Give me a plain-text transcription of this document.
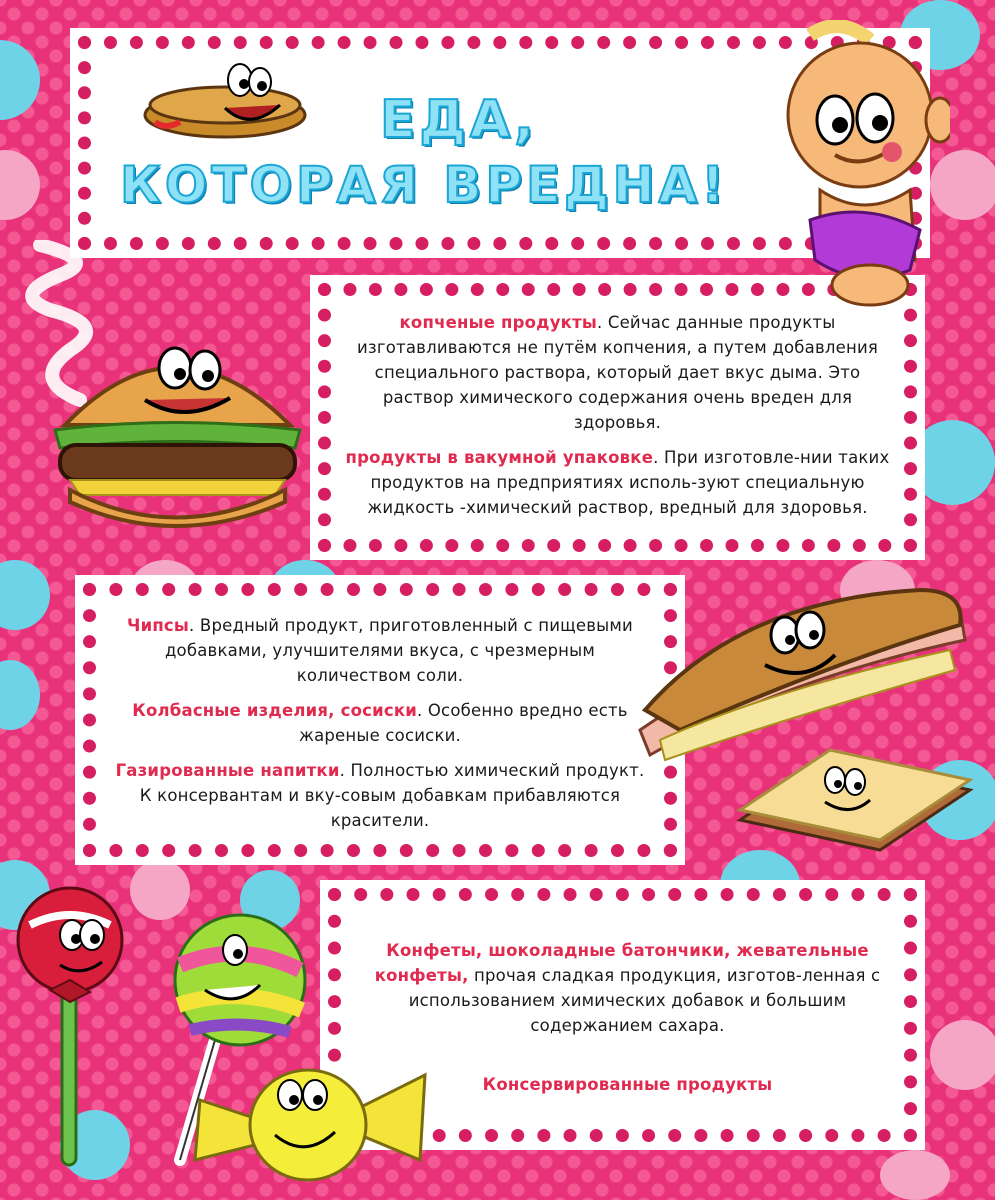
ЕДА,
КОТОРАЯ ВРЕДНА!

копченые продукты. Сейчас данные продукты изготавливаются не путём копчения, а путем добавления специального раствора, который дает вкус дыма. Это раствор химического содержания очень вреден для здоровья.

продукты в вакумной упаковке. При изготовле-нии таких продуктов на предприятиях исполь-зуют специальную жидкость -химический раствор, вредный для здоровья.

Чипсы. Вредный продукт, приготовленный с пищевыми добавками, улучшителями вкуса, с чрезмерным количеством соли.

Колбасные изделия, сосиски. Особенно вредно есть жареные сосиски.

Газированные напитки. Полностью химический продукт. К консервантам и вку-совым добавкам прибавляются красители.

Конфеты, шоколадные батончики, жевательные конфеты, прочая сладкая продукция, изготов-ленная с использованием химических добавок и большим содержанием сахара.

Консервированные продукты
